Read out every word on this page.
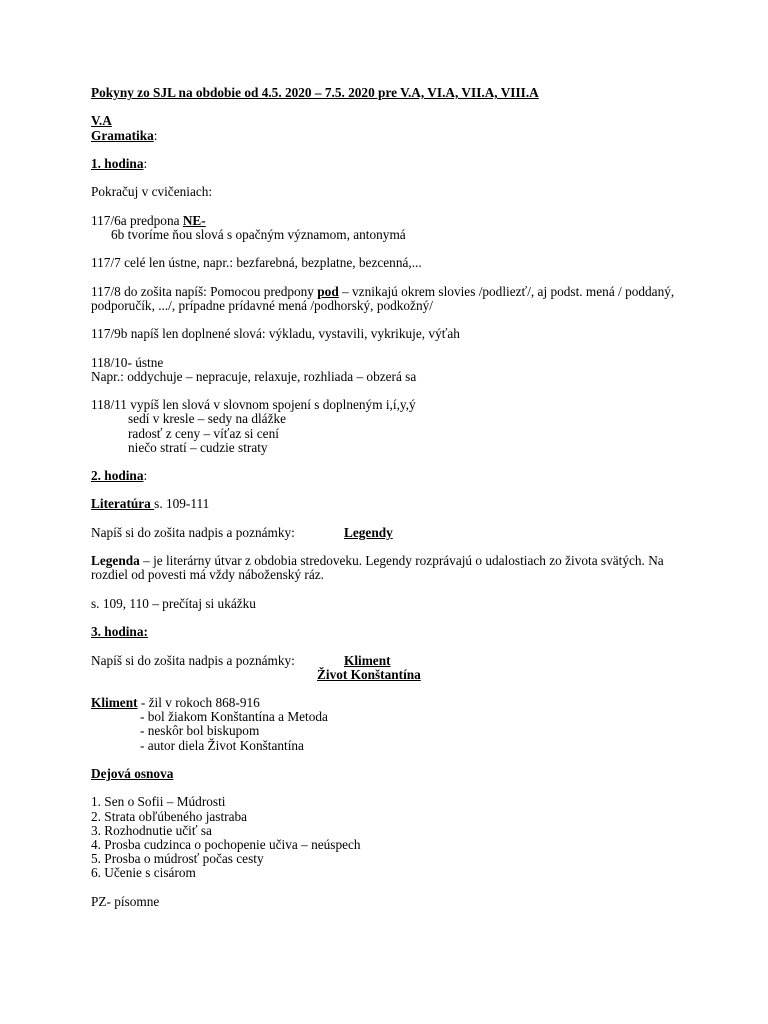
Pokyny zo SJL na obdobie od 4.5. 2020 – 7.5. 2020 pre V.A, VI.A, VII.A, VIII.A
V.A
Gramatika:
1. hodina:
Pokračuj v cvičeniach:
117/6a predpona NE-
6b tvoríme ňou slová s opačným významom, antonymá
117/7 celé len ústne, napr.: bezfarebná, bezplatne, bezcenná,...
117/8 do zošita napíš: Pomocou predpony pod – vznikajú okrem slovies /podliezť/, aj podst. mená / poddaný,
podporučík, .../, prípadne prídavné mená /podhorský, podkožný/
117/9b napíš len doplnené slová: výkladu, vystavili, vykrikuje, výťah
118/10- ústne
Napr.: oddychuje – nepracuje, relaxuje, rozhliada – obzerá sa
118/11 vypíš len slová v slovnom spojení s doplneným i,í,y,ý
sedí v kresle – sedy na dlážke
radosť z ceny – víťaz si cení
niečo stratí – cudzie straty
2. hodina:
Literatúra s. 109-111
Napíš si do zošita nadpis a poznámky:	Legendy
Legenda – je literárny útvar z obdobia stredoveku. Legendy rozprávajú o udalostiach zo života svätých. Na
rozdiel od povesti má vždy náboženský ráz.
s. 109, 110 – prečítaj si ukážku
3. hodina:
Napíš si do zošita nadpis a poznámky:	Kliment
Život Konštantína
Kliment - žil v rokoch 868-916
- bol žiakom Konštantína a Metoda
- neskôr bol biskupom
- autor diela Život Konštantína
Dejová osnova
1. Sen o Sofii – Múdrosti
2. Strata obľúbeného jastraba
3. Rozhodnutie učiť sa
4. Prosba cudzinca o pochopenie učiva – neúspech
5. Prosba o múdrosť počas cesty
6. Učenie s cisárom
PZ- písomne
